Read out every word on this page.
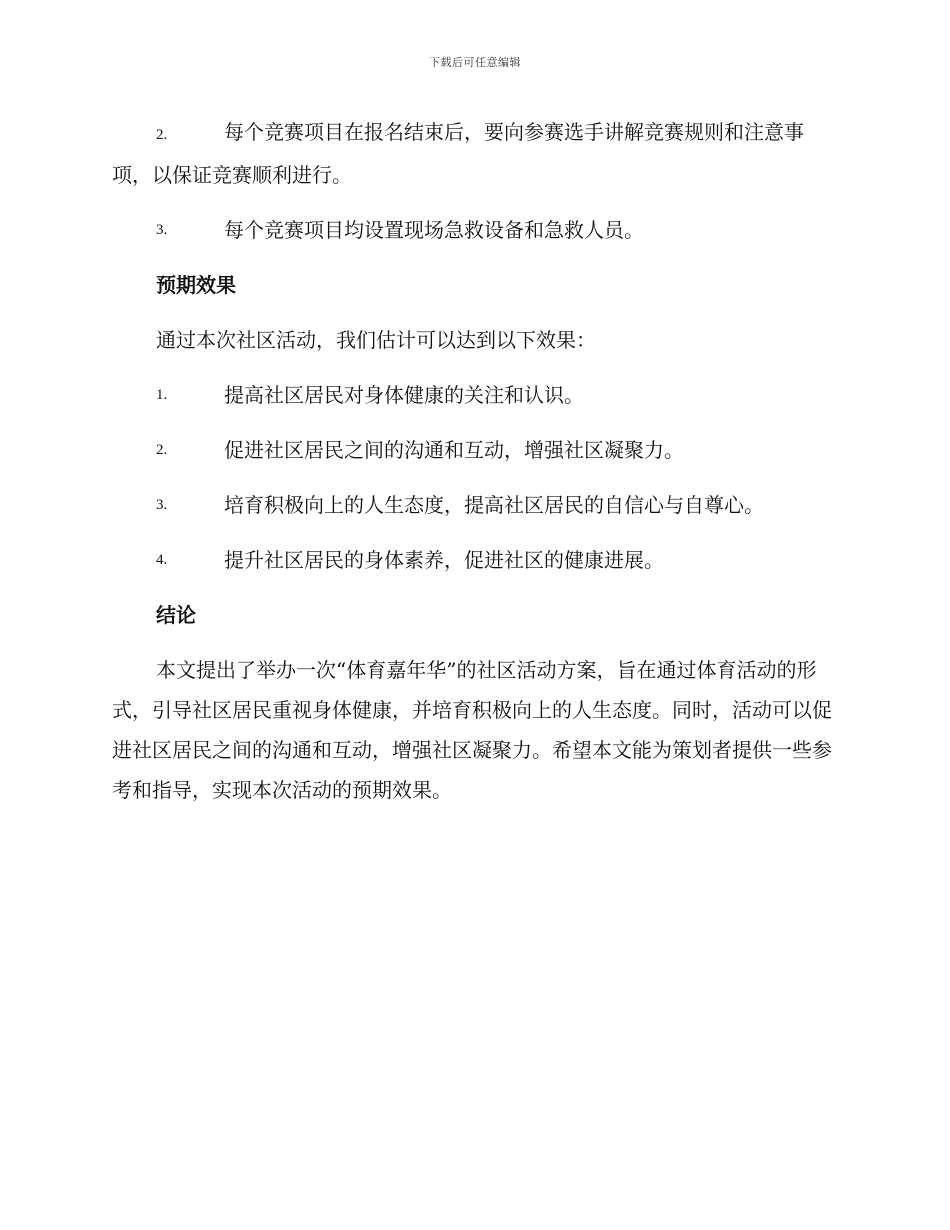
下载后可任意编辑
2.	每个竞赛项目在报名结束后，要向参赛选手讲解竞赛规则和注意事项，以保证竞赛顺利进行。
3.	每个竞赛项目均设置现场急救设备和急救人员。
预期效果
通过本次社区活动，我们估计可以达到以下效果：
1.	提高社区居民对身体健康的关注和认识。
2.	促进社区居民之间的沟通和互动，增强社区凝聚力。
3.	培育积极向上的人生态度，提高社区居民的自信心与自尊心。
4.	提升社区居民的身体素养，促进社区的健康进展。
结论
本文提出了举办一次“体育嘉年华”的社区活动方案，旨在通过体育活动的形式，引导社区居民重视身体健康，并培育积极向上的人生态度。同时，活动可以促进社区居民之间的沟通和互动，增强社区凝聚力。希望本文能为策划者提供一些参考和指导，实现本次活动的预期效果。
